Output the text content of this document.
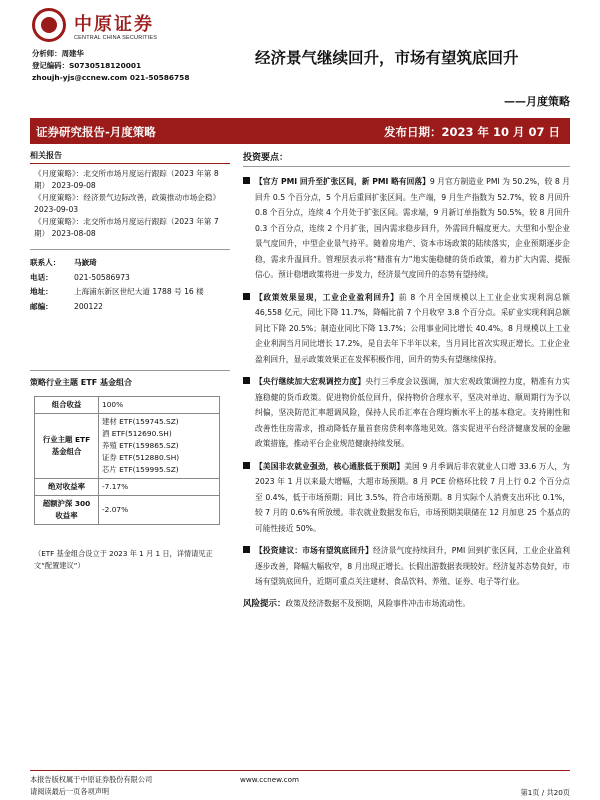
中原证券
CENTRAL CHINA SECURITIES
分析师：周建华
登记编码：S0730518120001
zhoujh-yjs@ccnew.com 021-50586758
经济景气继续回升，市场有望筑底回升
——月度策略
证券研究报告-月度策略	发布日期：2023 年 10 月 07 日
相关报告
《月度策略》：北交所市场月度运行跟踪（2023 年第 8 期） 2023-09-08
《月度策略》：经济景气边际改善，政策推动市场企稳》 2023-09-03
《月度策略》：北交所市场月度运行跟踪（2023 年第 7 期） 2023-08-08
联系人：	马嶔琦
电话：	021-50586973
地址：	上海浦东新区世纪大道 1788 号 16 楼
邮编：	200122
策略行业主题 ETF 基金组合
组合收益	100%
行业主题 ETF 基金组合	建材 ETF(159745.SZ)
酒 ETF(512690.SH)
养殖 ETF(159865.SZ)
证券 ETF(512880.SH)
芯片 ETF(159995.SZ)

绝对收益率	-7.17%
超额沪深 300 收益率	-2.07%
（ETF 基金组合设立于 2023 年 1 月 1 日，详情请见正文“配置建议”）
投资要点：
【官方 PMI 回升至扩张区间，新 PMI 略有回落】9 月官方制造业 PMI 为 50.2%，较 8 月回升 0.5 个百分点，5 个月后重回扩张区间。生产端，9 月生产指数为 52.7%，较 8 月回升 0.8 个百分点，连续 4 个月处于扩张区间。需求端，9 月新订单指数为 50.5%，较 8 月回升 0.3 个百分点，连续 2 个月扩张，国内需求稳步回升，外需回升幅度更大。大型和小型企业景气度回升，中型企业景气持平。随着房地产、资本市场政策的陆续落实，企业预期逐步企稳，需求升温回升。管理层表示将“精准有力”地实施稳健的货币政策，着力扩大内需、提振信心。预计稳增政策将进一步发力，经济景气度回升的态势有望持续。
【政策效果显现，工业企业盈利回升】前 8 个月全国规模以上工业企业实现利润总额 46,558 亿元，同比下降 11.7%，降幅比前 7 个月收窄 3.8 个百分点。采矿业实现利润总额同比下降 20.5%；制造业同比下降 13.7%；公用事业同比增长 40.4%。8 月规模以上工业企业利润当月同比增长 17.2%，是自去年下半年以来，当月同比首次实现正增长。工业企业盈利回升，显示政策效果正在发挥积极作用，回升的势头有望继续保持。
【央行继续加大宏观调控力度】央行三季度会议强调，加大宏观政策调控力度，精准有力实施稳健的货币政策。促进物价低位回升，保持物价合理水平，坚决对单边、顺周期行为予以纠偏，坚决防范汇率超调风险，保持人民币汇率在合理均衡水平上的基本稳定。支持刚性和改善性住房需求，推动降低存量首套房贷利率落地见效。落实促进平台经济健康发展的金融政策措施，推动平台企业规范健康持续发展。
【美国非农就业强劲，核心通胀低于预期】美国 9 月季调后非农就业人口增 33.6 万人，为 2023 年 1 月以来最大增幅，大超市场预期。8 月 PCE 价格环比较 7 月上行 0.2 个百分点至 0.4%，低于市场预期；同比 3.5%，符合市场预期。8 月实际个人消费支出环比 0.1%，较 7 月的 0.6%有所放缓。非农就业数据发布后，市场预期美联储在 12 月加息 25 个基点的可能性接近 50%。
【投资建议：市场有望筑底回升】经济景气度持续回升，PMI 回到扩张区间，工业企业盈利逐步改善，降幅大幅收窄，8 月出现正增长。长假出游数据表现较好。经济复苏态势良好，市场有望筑底回升，近期可重点关注建材、食品饮料、养殖、证券、电子等行业。
风险提示：政策及经济数据不及预期，风险事件冲击市场流动性。
本报告版权属于中原证券股份有限公司
请阅读最后一页各项声明
www.ccnew.com
第1页 / 共20页
